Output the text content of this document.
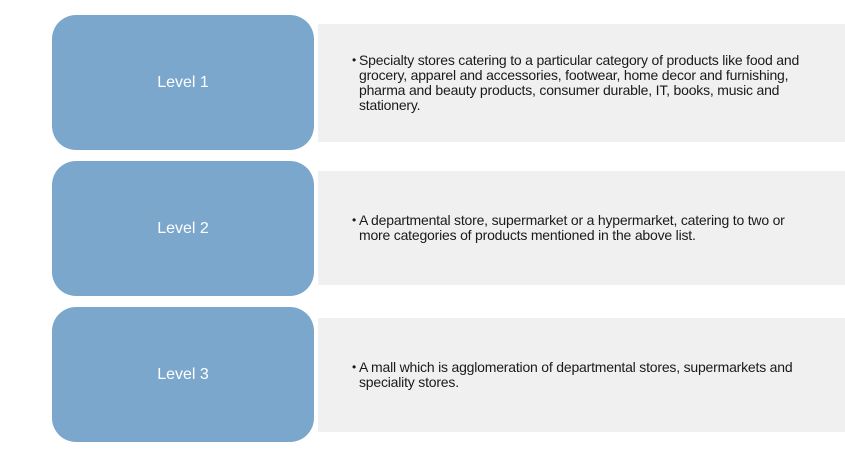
Level 1
• Specialty stores catering to a particular category of products like food and grocery, apparel and accessories, footwear, home decor and furnishing, pharma and beauty products, consumer durable, IT, books, music and stationery.
Level 2	• A departmental store, supermarket or a hypermarket, catering to two or more categories of products mentioned in the above list.
Level 3	• A mall which is agglomeration of departmental stores, supermarkets and speciality stores.
